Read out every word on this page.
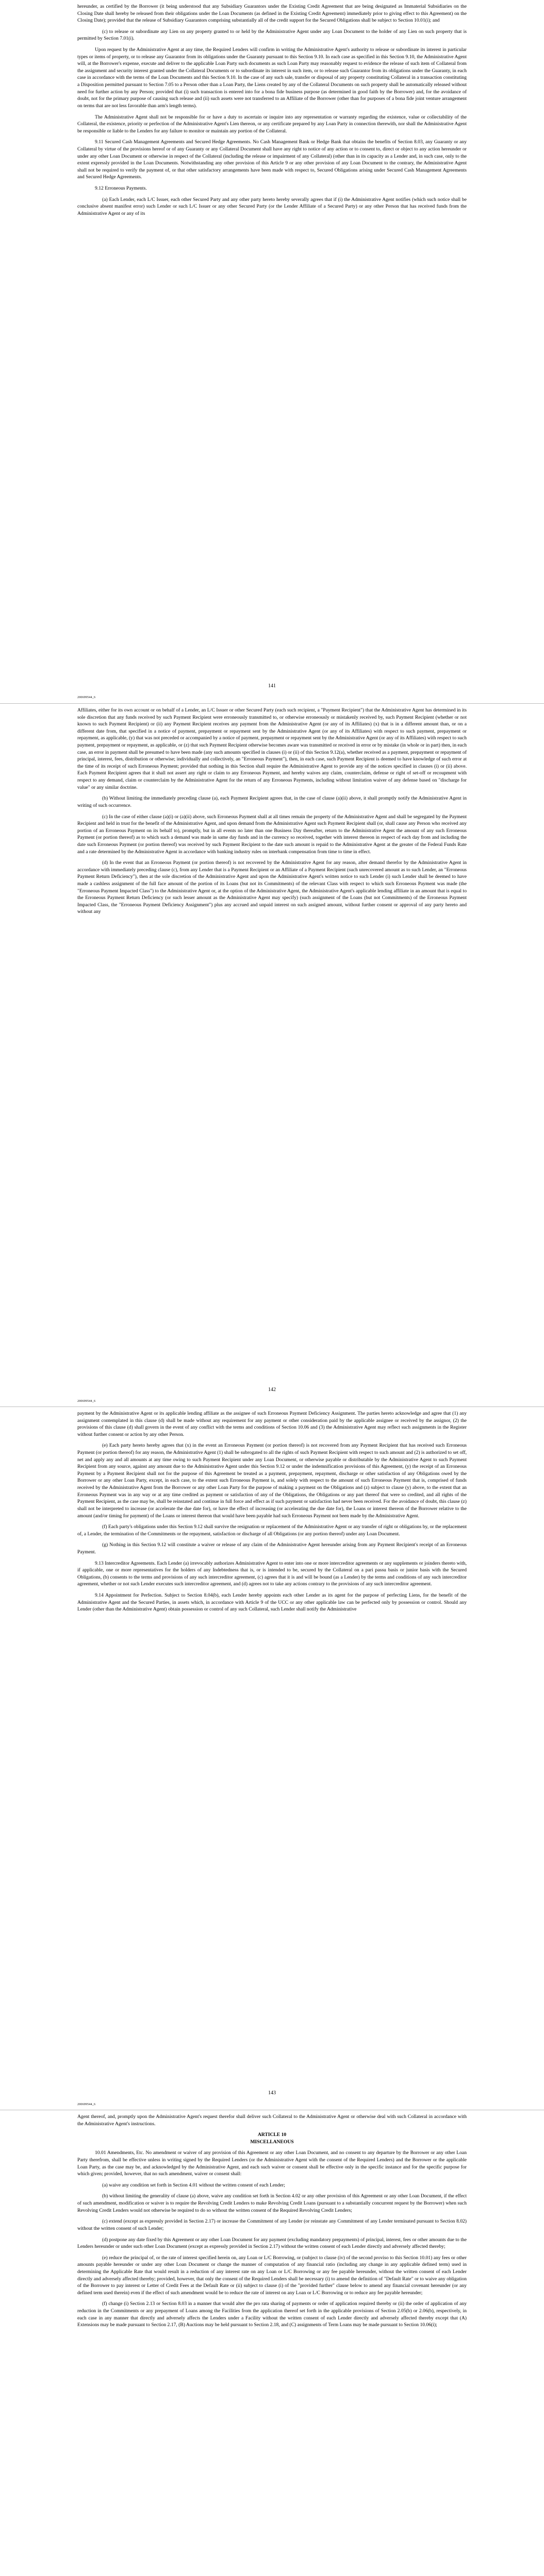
hereunder, as certified by the Borrower (it being understood that any Subsidiary Guarantors under the Existing Credit Agreement that are being designated as Immaterial Subsidiaries on the Closing Date shall hereby be released from their obligations under the Loan Documents (as defined in the Existing Credit Agreement) immediately prior to giving effect to this Agreement) on the Closing Date); provided that the release of Subsidiary Guarantors comprising substantially all of the credit support for the Secured Obligations shall be subject to Section 10.01(i); and

(c) to release or subordinate any Lien on any property granted to or held by the Administrative Agent under any Loan Document to the holder of any Lien on such property that is permitted by Section 7.01(i).

Upon request by the Administrative Agent at any time, the Required Lenders will confirm in writing the Administrative Agent's authority to release or subordinate its interest in particular types or items of property, or to release any Guarantor from its obligations under the Guaranty pursuant to this Section 9.10. In each case as specified in this Section 9.10, the Administrative Agent will, at the Borrower's expense, execute and deliver to the applicable Loan Party such documents as such Loan Party may reasonably request to evidence the release of such item of Collateral from the assignment and security interest granted under the Collateral Documents or to subordinate its interest in such item, or to release such Guarantor from its obligations under the Guaranty, in each case in accordance with the terms of the Loan Documents and this Section 9.10. In the case of any such sale, transfer or disposal of any property constituting Collateral in a transaction constituting a Disposition permitted pursuant to Section 7.05 to a Person other than a Loan Party, the Liens created by any of the Collateral Documents on such property shall be automatically released without need for further action by any Person; provided that (i) such transaction is entered into for a bona fide business purpose (as determined in good faith by the Borrower) and, for the avoidance of doubt, not for the primary purpose of causing such release and (ii) such assets were not transferred to an Affiliate of the Borrower (other than for purposes of a bona fide joint venture arrangement on terms that are not less favorable than arm's length terms).

The Administrative Agent shall not be responsible for or have a duty to ascertain or inquire into any representation or warranty regarding the existence, value or collectability of the Collateral, the existence, priority or perfection of the Administrative Agent's Lien thereon, or any certificate prepared by any Loan Party in connection therewith, nor shall the Administrative Agent be responsible or liable to the Lenders for any failure to monitor or maintain any portion of the Collateral.

9.11 Secured Cash Management Agreements and Secured Hedge Agreements. No Cash Management Bank or Hedge Bank that obtains the benefits of Section 8.03, any Guaranty or any Collateral by virtue of the provisions hereof or of any Guaranty or any Collateral Document shall have any right to notice of any action or to consent to, direct or object to any action hereunder or under any other Loan Document or otherwise in respect of the Collateral (including the release or impairment of any Collateral) (other than in its capacity as a Lender and, in such case, only to the extent expressly provided in the Loan Documents. Notwithstanding any other provision of this Article 9 or any other provision of any Loan Document to the contrary, the Administrative Agent shall not be required to verify the payment of, or that other satisfactory arrangements have been made with respect to, Secured Obligations arising under Secured Cash Management Agreements and Secured Hedge Agreements.

9.12 Erroneous Payments.

(a) Each Lender, each L/C Issuer, each other Secured Party and any other party hereto hereby severally agrees that if (i) the Administrative Agent notifies (which such notice shall be conclusive absent manifest error) such Lender or such L/C Issuer or any other Secured Party (or the Lender Affiliate of a Secured Party) or any other Person that has received funds from the Administrative Agent or any of its

141
200699544_6

Affiliates, either for its own account or on behalf of a Lender, an L/C Issuer or other Secured Party (each such recipient, a "Payment Recipient") that the Administrative Agent has determined in its sole discretion that any funds received by such Payment Recipient were erroneously transmitted to, or otherwise erroneously or mistakenly received by, such Payment Recipient (whether or not known to such Payment Recipient) or (ii) any Payment Recipient receives any payment from the Administrative Agent (or any of its Affiliates) (x) that is in a different amount than, or on a different date from, that specified in a notice of payment, prepayment or repayment sent by the Administrative Agent (or any of its Affiliates) with respect to such payment, prepayment or repayment, as applicable, (y) that was not preceded or accompanied by a notice of payment, prepayment or repayment sent by the Administrative Agent (or any of its Affiliates) with respect to such payment, prepayment or repayment, as applicable, or (z) that such Payment Recipient otherwise becomes aware was transmitted or received in error or by mistake (in whole or in part) then, in each case, an error in payment shall be presumed to have been made (any such amounts specified in clauses (i) or (ii) of this Section 9.12(a), whether received as a payment, prepayment or repayment of principal, interest, fees, distribution or otherwise; individually and collectively, an "Erroneous Payment"), then, in each case, such Payment Recipient is deemed to have knowledge of such error at the time of its receipt of such Erroneous Payment; provided that nothing in this Section shall require the Administrative Agent to provide any of the notices specified in clauses (i) or (ii) above. Each Payment Recipient agrees that it shall not assert any right or claim to any Erroneous Payment, and hereby waives any claim, counterclaim, defense or right of set-off or recoupment with respect to any demand, claim or counterclaim by the Administrative Agent for the return of any Erroneous Payments, including without limitation waiver of any defense based on "discharge for value" or any similar doctrine.

(b) Without limiting the immediately preceding clause (a), each Payment Recipient agrees that, in the case of clause (a)(ii) above, it shall promptly notify the Administrative Agent in writing of such occurrence.

(c) In the case of either clause (a)(i) or (a)(ii) above, such Erroneous Payment shall at all times remain the property of the Administrative Agent and shall be segregated by the Payment Recipient and held in trust for the benefit of the Administrative Agent, and upon demand from the Administrative Agent such Payment Recipient shall (or, shall cause any Person who received any portion of an Erroneous Payment on its behalf to), promptly, but in all events no later than one Business Day thereafter, return to the Administrative Agent the amount of any such Erroneous Payment (or portion thereof) as to which such a demand was made in same day funds and in the currency so received, together with interest thereon in respect of each day from and including the date such Erroneous Payment (or portion thereof) was received by such Payment Recipient to the date such amount is repaid to the Administrative Agent at the greater of the Federal Funds Rate and a rate determined by the Administrative Agent in accordance with banking industry rules on interbank compensation from time to time in effect.

(d) In the event that an Erroneous Payment (or portion thereof) is not recovered by the Administrative Agent for any reason, after demand therefor by the Administrative Agent in accordance with immediately preceding clause (c), from any Lender that is a Payment Recipient or an Affiliate of a Payment Recipient (such unrecovered amount as to such Lender, an "Erroneous Payment Return Deficiency"), then at the sole discretion of the Administrative Agent and upon the Administrative Agent's written notice to such Lender (i) such Lender shall be deemed to have made a cashless assignment of the full face amount of the portion of its Loans (but not its Commitments) of the relevant Class with respect to which such Erroneous Payment was made (the "Erroneous Payment Impacted Class") to the Administrative Agent or, at the option of the Administrative Agent, the Administrative Agent's applicable lending affiliate in an amount that is equal to the Erroneous Payment Return Deficiency (or such lesser amount as the Administrative Agent may specify) (such assignment of the Loans (but not Commitments) of the Erroneous Payment Impacted Class, the "Erroneous Payment Deficiency Assignment") plus any accrued and unpaid interest on such assigned amount, without further consent or approval of any party hereto and without any

142
200699544_6

payment by the Administrative Agent or its applicable lending affiliate as the assignee of such Erroneous Payment Deficiency Assignment. The parties hereto acknowledge and agree that (1) any assignment contemplated in this clause (d) shall be made without any requirement for any payment or other consideration paid by the applicable assignee or received by the assignor, (2) the provisions of this clause (d) shall govern in the event of any conflict with the terms and conditions of Section 10.06 and (3) the Administrative Agent may reflect such assignments in the Register without further consent or action by any other Person.

(e) Each party hereto hereby agrees that (x) in the event an Erroneous Payment (or portion thereof) is not recovered from any Payment Recipient that has received such Erroneous Payment (or portion thereof) for any reason, the Administrative Agent (1) shall be subrogated to all the rights of such Payment Recipient with respect to such amount and (2) is authorized to set off, net and apply any and all amounts at any time owing to such Payment Recipient under any Loan Document, or otherwise payable or distributable by the Administrative Agent to such Payment Recipient from any source, against any amount due to the Administrative Agent under this Section 9.12 or under the indemnification provisions of this Agreement, (y) the receipt of an Erroneous Payment by a Payment Recipient shall not for the purpose of this Agreement be treated as a payment, prepayment, repayment, discharge or other satisfaction of any Obligations owed by the Borrower or any other Loan Party, except, in each case, to the extent such Erroneous Payment is, and solely with respect to the amount of such Erroneous Payment that is, comprised of funds received by the Administrative Agent from the Borrower or any other Loan Party for the purpose of making a payment on the Obligations and (z) subject to clause (y) above, to the extent that an Erroneous Payment was in any way or at any time credited as payment or satisfaction of any of the Obligations, the Obligations or any part thereof that were so credited, and all rights of the Payment Recipient, as the case may be, shall be reinstated and continue in full force and effect as if such payment or satisfaction had never been received. For the avoidance of doubt, this clause (z) shall not be interpreted to increase (or accelerate the due date for), or have the effect of increasing (or accelerating the due date for), the Loans or interest thereon of the Borrower relative to the amount (and/or timing for payment) of the Loans or interest thereon that would have been payable had such Erroneous Payment not been made by the Administrative Agent.

(f) Each party's obligations under this Section 9.12 shall survive the resignation or replacement of the Administrative Agent or any transfer of right or obligations by, or the replacement of, a Lender, the termination of the Commitments or the repayment, satisfaction or discharge of all Obligations (or any portion thereof) under any Loan Document.

(g) Nothing in this Section 9.12 will constitute a waiver or release of any claim of the Administrative Agent hereunder arising from any Payment Recipient's receipt of an Erroneous Payment.

9.13 Intercreditor Agreements. Each Lender (a) irrevocably authorizes Administrative Agent to enter into one or more intercreditor agreements or any supplements or joinders thereto with, if applicable, one or more representatives for the holders of any Indebtedness that is, or is intended to be, secured by the Collateral on a pari passu basis or junior basis with the Secured Obligations, (b) consents to the terms and provisions of any such intercreditor agreement, (c) agrees that it is and will be bound (as a Lender) by the terms and conditions of any such intercreditor agreement, whether or not such Lender executes such intercreditor agreement, and (d) agrees not to take any actions contrary to the provisions of any such intercreditor agreement.

9.14 Appointment for Perfection. Subject to Section 8.04(b), each Lender hereby appoints each other Lender as its agent for the purpose of perfecting Liens, for the benefit of the Administrative Agent and the Secured Parties, in assets which, in accordance with Article 9 of the UCC or any other applicable law can be perfected only by possession or control. Should any Lender (other than the Administrative Agent) obtain possession or control of any such Collateral, such Lender shall notify the Administrative

143
200699544_6

Agent thereof, and, promptly upon the Administrative Agent's request therefor shall deliver such Collateral to the Administrative Agent or otherwise deal with such Collateral in accordance with the Administrative Agent's instructions.

ARTICLE 10

MISCELLANEOUS

10.01 Amendments, Etc. No amendment or waiver of any provision of this Agreement or any other Loan Document, and no consent to any departure by the Borrower or any other Loan Party therefrom, shall be effective unless in writing signed by the Required Lenders (or the Administrative Agent with the consent of the Required Lenders) and the Borrower or the applicable Loan Party, as the case may be, and acknowledged by the Administrative Agent, and each such waiver or consent shall be effective only in the specific instance and for the specific purpose for which given; provided, however, that no such amendment, waiver or consent shall:

(a) waive any condition set forth in Section 4.01 without the written consent of each Lender;

(b) without limiting the generality of clause (a) above, waive any condition set forth in Section 4.02 or any other provision of this Agreement or any other Loan Document, if the effect of such amendment, modification or waiver is to require the Revolving Credit Lenders to make Revolving Credit Loans (pursuant to a substantially concurrent request by the Borrower) when such Revolving Credit Lenders would not otherwise be required to do so without the written consent of the Required Revolving Credit Lenders;

(c) extend (except as expressly provided in Section 2.17) or increase the Commitment of any Lender (or reinstate any Commitment of any Lender terminated pursuant to Section 8.02) without the written consent of such Lender;

(d) postpone any date fixed by this Agreement or any other Loan Document for any payment (excluding mandatory prepayments) of principal, interest, fees or other amounts due to the Lenders hereunder or under such other Loan Document (except as expressly provided in Section 2.17) without the written consent of each Lender directly and adversely affected thereby;

(e) reduce the principal of, or the rate of interest specified herein on, any Loan or L/C Borrowing, or (subject to clause (iv) of the second proviso to this Section 10.01) any fees or other amounts payable hereunder or under any other Loan Document or change the manner of computation of any financial ratio (including any change in any applicable defined term) used in determining the Applicable Rate that would result in a reduction of any interest rate on any Loan or L/C Borrowing or any fee payable hereunder, without the written consent of each Lender directly and adversely affected thereby; provided, however, that only the consent of the Required Lenders shall be necessary (i) to amend the definition of "Default Rate" or to waive any obligation of the Borrower to pay interest or Letter of Credit Fees at the Default Rate or (ii) subject to clause (i) of the "provided further" clause below to amend any financial covenant hereunder (or any defined term used therein) even if the effect of such amendment would be to reduce the rate of interest on any Loan or L/C Borrowing or to reduce any fee payable hereunder;

(f) change (i) Section 2.13 or Section 8.03 in a manner that would alter the pro rata sharing of payments or order of application required thereby or (ii) the order of application of any reduction in the Commitments or any prepayment of Loans among the Facilities from the application thereof set forth in the applicable provisions of Section 2.05(b) or 2.06(b), respectively, in each case in any manner that directly and adversely affects the Lenders under a Facility without the written consent of each Lender directly and adversely affected thereby except that (A) Extensions may be made pursuant to Section 2.17, (B) Auctions may be held pursuant to Section 2.18, and (C) assignments of Term Loans may be made pursuant to Section 10.06(i);
